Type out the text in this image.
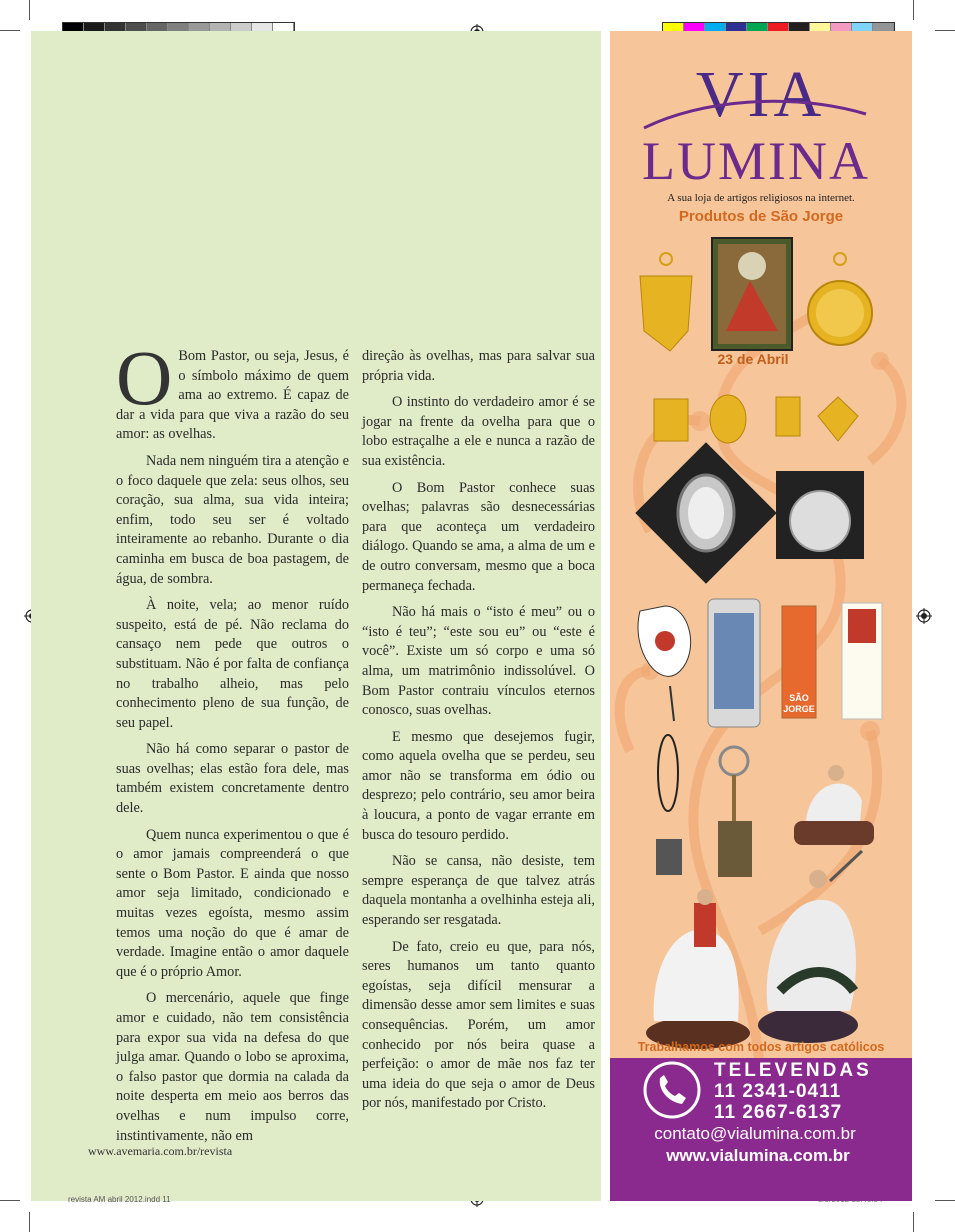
O Bom Pastor, ou seja, Jesus, é o símbolo máximo de quem ama ao extremo. É capaz de dar a vida para que viva a razão do seu amor: as ovelhas.

Nada nem ninguém tira a atenção e o foco daquele que zela: seus olhos, seu coração, sua alma, sua vida inteira; enfim, todo seu ser é voltado inteiramente ao rebanho. Durante o dia caminha em busca de boa pastagem, de água, de sombra.

À noite, vela; ao menor ruído suspeito, está de pé. Não reclama do cansaço nem pede que outros o substituam. Não é por falta de confiança no trabalho alheio, mas pelo conhecimento pleno de sua função, de seu papel.

Não há como separar o pastor de suas ovelhas; elas estão fora dele, mas também existem concretamente dentro dele.

Quem nunca experimentou o que é o amor jamais compreenderá o que sente o Bom Pastor. E ainda que nosso amor seja limitado, condicionado e muitas vezes egoísta, mesmo assim temos uma noção do que é amar de verdade. Imagine então o amor daquele que é o próprio Amor.

O mercenário, aquele que finge amor e cuidado, não tem consistência para expor sua vida na defesa do que julga amar. Quando o lobo se aproxima, o falso pastor que dormia na calada da noite desperta em meio aos berros das ovelhas e num impulso corre, instintivamente, não em

direção às ovelhas, mas para salvar sua própria vida.

O instinto do verdadeiro amor é se jogar na frente da ovelha para que o lobo estraçalhe a ele e nunca a razão de sua existência.

O Bom Pastor conhece suas ovelhas; palavras são desnecessárias para que aconteça um verdadeiro diálogo. Quando se ama, a alma de um e de outro conversam, mesmo que a boca permaneça fechada.

Não há mais o “isto é meu” ou o “isto é teu”; “este sou eu” ou “este é você”. Existe um só corpo e uma só alma, um matrimônio indissolúvel. O Bom Pastor contraiu vínculos eternos conosco, suas ovelhas.

E mesmo que desejemos fugir, como aquela ovelha que se perdeu, seu amor não se transforma em ódio ou desprezo; pelo contrário, seu amor beira à loucura, a ponto de vagar errante em busca do tesouro perdido.

Não se cansa, não desiste, tem sempre esperança de que talvez atrás daquela montanha a ovelhinha esteja ali, esperando ser resgatada.

De fato, creio eu que, para nós, seres humanos um tanto quanto egoístas, seja difícil mensurar a dimensão desse amor sem limites e suas consequências. Porém, um amor conhecido por nós beira quase a perfeição: o amor de mãe nos faz ter uma ideia do que seja o amor de Deus por nós, manifestado por Cristo.

www.avemaria.com.br/revista
revista AM abril 2012.indd 11
SÃO
JORGE
VIA
LUMINA
A sua loja de artigos religiosos na internet.
Produtos de São Jorge
23 de Abril
Trabalhamos com todos artigos católicos
TELEVENDAS
11 2341-0411
11 2667-6137
contato@vialumina.com.br
www.vialumina.com.br
